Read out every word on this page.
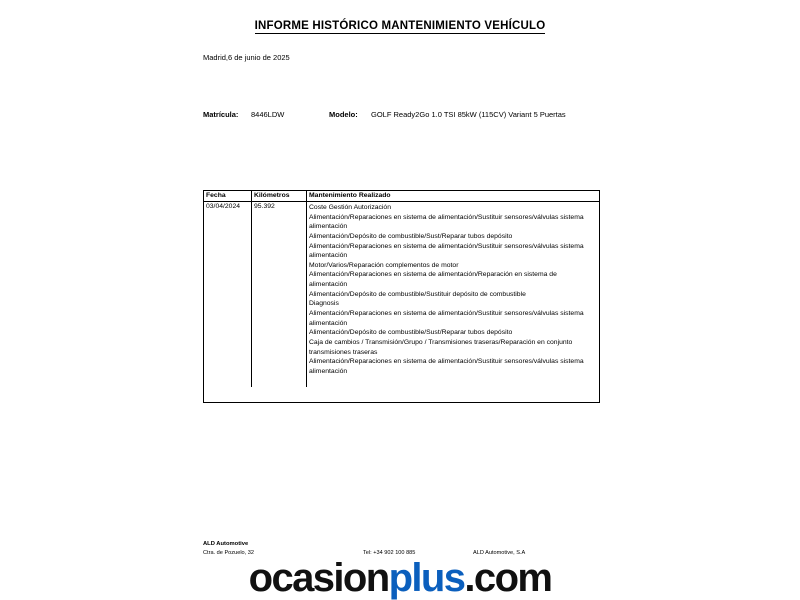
INFORME HISTÓRICO MANTENIMIENTO VEHÍCULO
Madrid,6 de junio de 2025
Matrícula: 8446LDW	Modelo: GOLF Ready2Go 1.0 TSI 85kW (115CV) Variant 5 Puertas
Fecha	Kilómetros	Mantenimiento Realizado
03/04/2024	95.392	Coste Gestión Autorización
Alimentación/Reparaciones en sistema de alimentación/Sustituir sensores/válvulas sistema alimentación
Alimentación/Depósito de combustible/Sust/Reparar tubos depósito
Alimentación/Reparaciones en sistema de alimentación/Sustituir sensores/válvulas sistema alimentación
Motor/Varios/Reparación complementos de motor
Alimentación/Reparaciones en sistema de alimentación/Reparación en sistema de alimentación
Alimentación/Depósito de combustible/Sustituir depósito de combustible
Diagnosis
Alimentación/Reparaciones en sistema de alimentación/Sustituir sensores/válvulas sistema alimentación
Alimentación/Depósito de combustible/Sust/Reparar tubos depósito
Caja de cambios / Transmisión/Grupo / Transmisiones traseras/Reparación en conjunto transmisiones traseras
Alimentación/Reparaciones en sistema de alimentación/Sustituir sensores/válvulas sistema alimentación
ALD Automotive
Ctra. de Pozuelo, 32	Tel: +34 902 100 885	ALD Automotive, S.A
ocasionplus.com
